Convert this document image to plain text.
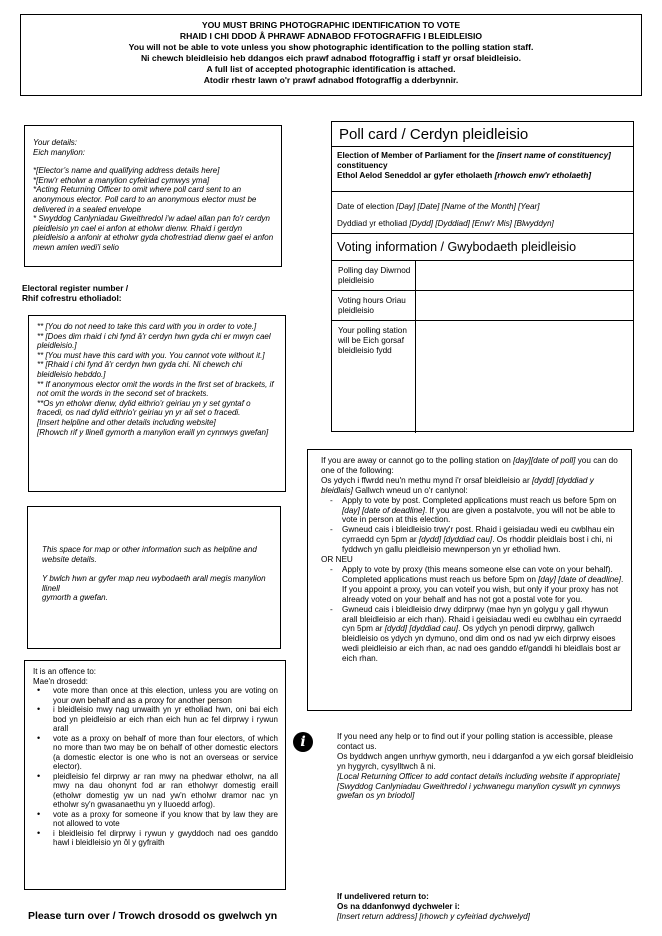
YOU MUST BRING PHOTOGRAPHIC IDENTIFICATION TO VOTE

RHAID I CHI DDOD Â PHRAWF ADNABOD FFOTOGRAFFIG I BLEIDLEISIO

You will not be able to vote unless you show photographic identification to the polling station staff.

Ni chewch bleidleisio heb ddangos eich prawf adnabod ffotograffig i staff yr orsaf bleidleisio.

A full list of accepted photographic identification is attached.

Atodir rhestr lawn o'r prawf adnabod ffotograffig a dderbynnir.

Your details:

Eich manylion:

*[Elector’s name and qualifying address details here]

*[Enw'r etholwr a manylion cyfeiriad cymwys yma]

*Acting Returning Officer to omit where poll card sent to an anonymous elector. Poll card to an anonymous elector must be delivered in a sealed envelope

* Swyddog Canlyniadau Gweithredol i'w adael allan pan fo'r cerdyn pleidleisio yn cael ei anfon at etholwr dienw. Rhaid i gerdyn pleidleisio a anfonir at etholwr gyda chofrestriad dienw gael ei anfon mewn amlen wedi'i selio

Electoral register number /

Rhif cofrestru etholiadol:

** [You do not need to take this card with you in order to vote.]

** [Does dim rhaid i chi fynd â'r cerdyn hwn gyda chi er mwyn cael pleidleisio.]

** [You must have this card with you. You cannot vote without it.]

** [Rhaid i chi fynd â'r cerdyn hwn gyda chi. Ni chewch chi bleidleisio hebddo.]

** If anonymous elector omit the words in the first set of brackets, if not omit the words in the second set of brackets.

**Os yn etholwr dienw, dylid eithrio'r geiriau yn y set gyntaf o fracedi, os nad dylid eithrio'r geiriau yn yr ail set o fracedi.

[Insert helpline and other details including website]

[Rhowch rif y llinell gymorth a manylion eraill yn cynnwys gwefan]

This space for map or other information such as helpline and website details.

Y bwlch hwn ar gyfer map neu wybodaeth arall megis manylion llinell

gymorth a gwefan.

It is an offence to:

Mae'n drosedd:

• vote more than once at this election, unless you are voting on your own behalf and as a proxy for another person
• i bleidleisio mwy nag unwaith yn yr etholiad hwn, oni bai eich bod yn pleidleisio ar eich rhan eich hun ac fel dirprwy i rywun arall
• vote as a proxy on behalf of more than four electors, of which no more than two may be on behalf of other domestic electors (a domestic elector is one who is not an overseas or service elector).
• pleidleisio fel dirprwy ar ran mwy na phedwar etholwr, na all mwy na dau ohonynt fod ar ran etholwyr domestig eraill (etholwr domestig yw un nad yw'n etholwr dramor nac yn etholwr sy'n gwasanaethu yn y lluoedd arfog).
• vote as a proxy for someone if you know that by law they are not allowed to vote
• i bleidleisio fel dirprwy i rywun y gwyddoch nad oes ganddo hawl i bleidleisio yn ôl y gyfraith
Please turn over / Trowch drosodd os gwelwch yn
Poll card / Cerdyn pleidleisio

Election of Member of Parliament for the [insert name of constituency] constituency

Ethol Aelod Seneddol ar gyfer etholaeth [rhowch enw'r etholaeth]

Date of election [Day] [Date] [Name of the Month] [Year]

Dyddiad yr etholiad [Dydd] [Dyddiad] [Enw'r Mis] [Blwyddyn]

Voting information / Gwybodaeth pleidleisio
Polling day Diwrnod pleidleisio
Voting hours Oriau pleidleisio
Your polling station will be Eich gorsaf bleidleisio fydd

If you are away or cannot go to the polling station on [day][date of poll] you can do one of the following:

Os ydych i ffwrdd neu'n methu mynd i'r orsaf bleidleisio ar [dydd] [dyddiad y bleidlais] Gallwch wneud un o'r canlynol:

- Apply to vote by post. Completed applications must reach us before 5pm on [day] [date of deadline]. If you are given a postalvote, you will not be able to vote in person at this election.
- Gwneud cais i bleidleisio trwy'r post. Rhaid i geisiadau wedi eu cwblhau ein cyrraedd cyn 5pm ar [dydd] [dyddiad cau]. Os rhoddir pleidlais bost i chi, ni fyddwch yn gallu pleidleisio mewnperson yn yr etholiad hwn.

OR NEU

- Apply to vote by proxy (this means someone else can vote on your behalf). Completed applications must reach us before 5pm on [day] [date of deadline]. If you appoint a proxy, you can voteif you wish, but only if your proxy has not already voted on your behalf and has not got a postal vote for you.
- Gwneud cais i bleidleisio drwy ddirprwy (mae hyn yn golygu y gall rhywun arall bleidleisio ar eich rhan). Rhaid i geisiadau wedi eu cwblhau ein cyrraedd cyn 5pm ar [dydd] [dyddiad cau]. Os ydych yn penodi dirprwy, gallwch bleidleisio os ydych yn dymuno, ond dim ond os nad yw eich dirprwy eisoes wedi pleidleisio ar eich rhan, ac nad oes ganddo ef/ganddi hi bleidlais bost ar eich rhan.
i	If you need any help or to find out if your polling station is accessible, please contact us.

Os byddwch angen unrhyw gymorth, neu i ddarganfod a yw eich gorsaf bleidleisio yn hygyrch, cysylltwch â ni.

[Local Returning Officer to add contact details including website if appropriate]

[Swyddog Canlyniadau Gweithredol i ychwanegu manylion cyswllt yn cynnwys gwefan os yn briodol]

If undelivered return to:

Os na ddanfonwyd dychweler i:

[Insert return address] [rhowch y cyfeiriad dychwelyd]
